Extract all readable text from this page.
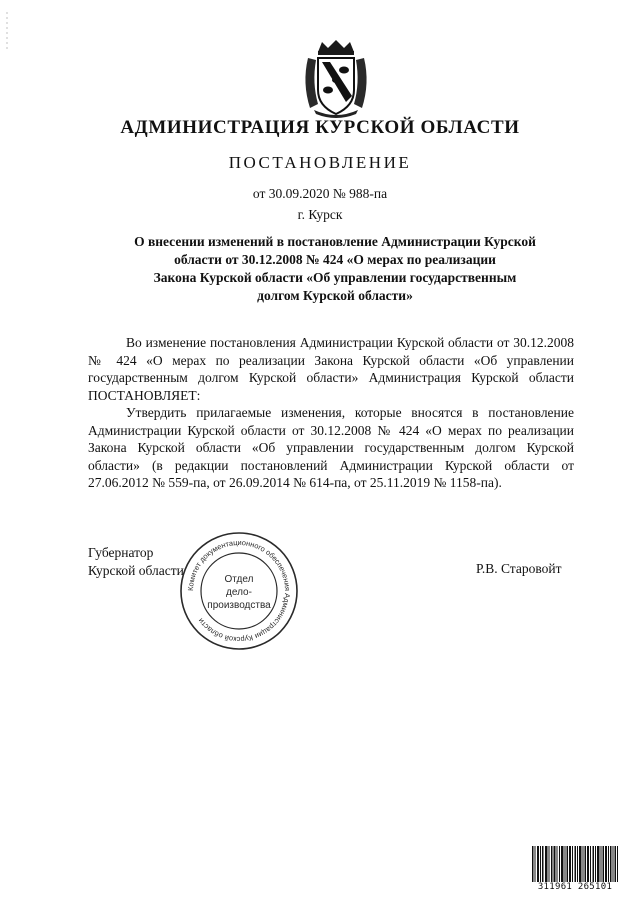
АДМИНИСТРАЦИЯ КУРСКОЙ ОБЛАСТИ
ПОСТАНОВЛЕНИЕ
от 30.09.2020 № 988-па
г. Курск
О внесении изменений в постановление Администрации Курской
области от 30.12.2008 № 424 «О мерах по реализации
Закона Курской области «Об управлении государственным
долгом Курской области»

Во изменение постановления Администрации Курской области от 30.12.2008 № 424 «О мерах по реализации Закона Курской области «Об управлении государственным долгом Курской области» Администрация Курской области ПОСТАНОВЛЯЕТ:

Утвердить прилагаемые изменения, которые вносятся в постановление Администрации Курской области от 30.12.2008 № 424 «О мерах по реализации Закона Курской области «Об управлении государственным долгом Курской области» (в редакции постановлений Администрации Курской области от 27.06.2012 № 559-па, от 26.09.2014 № 614-па, от 25.11.2019 № 1158-па).

Губернатор
Курской области
Комитет документационного обеспечения Администрации Курской области
Отдел
дело-
производства
Р.В. Старовойт
311961 265101
